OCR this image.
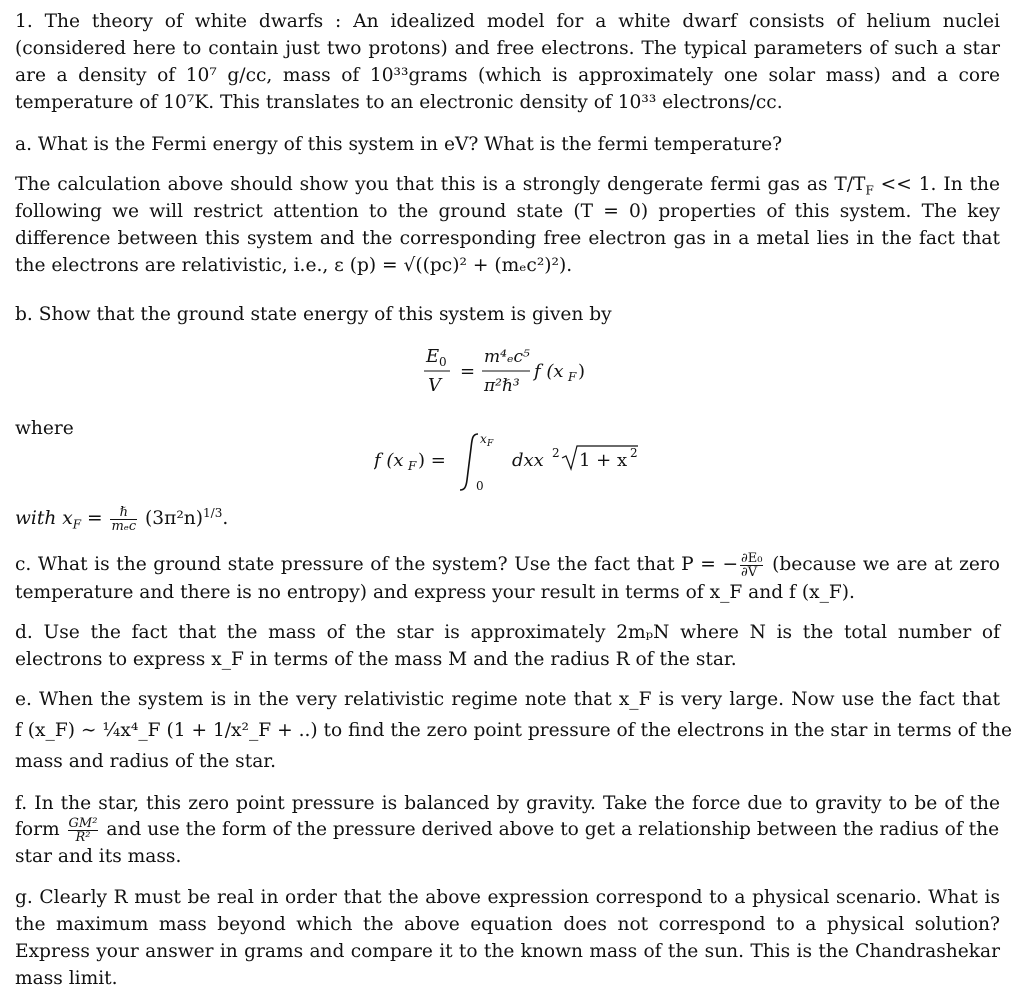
1. The theory of white dwarfs : An idealized model for a white dwarf consists of helium nuclei (considered here to contain just two protons) and free electrons. The typical parameters of such a star are a density of 10⁷ g/cc, mass of 10³³grams (which is approximately one solar mass) and a core temperature of 10⁷K. This translates to an electronic density of 10³³ electrons/cc.

a. What is the Fermi energy of this system in eV? What is the fermi temperature?

The calculation above should show you that this is a strongly dengerate fermi gas as $T/T_F << 1$. In the following we will restrict attention to the ground state (T = 0) properties of this system. The key difference between this system and the corresponding free electron gas in a metal lies in the fact that the electrons are relativistic, i.e., ε (p) = √((pc)² + (mₑc²)²).

b. Show that the ground state energy of this system is given by

E 0
V
=
m⁴ₑc⁵
π²ℏ³
f (x F )

where

f (x F ) =
x F
0
dxx 2 1 + x 2

with $x_F = \frac{\text{ℏ}}{\text{mₑc}} (3\pi^2n)^{1/3}$.

c. What is the ground state pressure of the system? Use the fact that P = − $\frac{\text{∂E₀}}{\partial V}$ (because we are at zero temperature and there is no entropy) and express your result in terms of x_F and f (x_F).

d. Use the fact that the mass of the star is approximately 2mₚN where N is the total number of electrons to express x_F in terms of the mass M and the radius R of the star.

e. When the system is in the very relativistic regime note that x_F is very large. Now use the fact that

f (x_F) ∼ ¼x⁴_F (1 + 1/x²_F + ..) to find the zero point pressure of the electrons in the star in terms of the

mass and radius of the star.

f. In the star, this zero point pressure is balanced by gravity. Take the force due to gravity to be of the

form $\frac{\text{GM²}}{\text{R²}}$ and use the form of the pressure derived above to get a relationship between the radius of the

star and its mass.

g. Clearly R must be real in order that the above expression correspond to a physical scenario. What is the maximum mass beyond which the above equation does not correspond to a physical solution? Express your answer in grams and compare it to the known mass of the sun. This is the Chandrashekar mass limit.
